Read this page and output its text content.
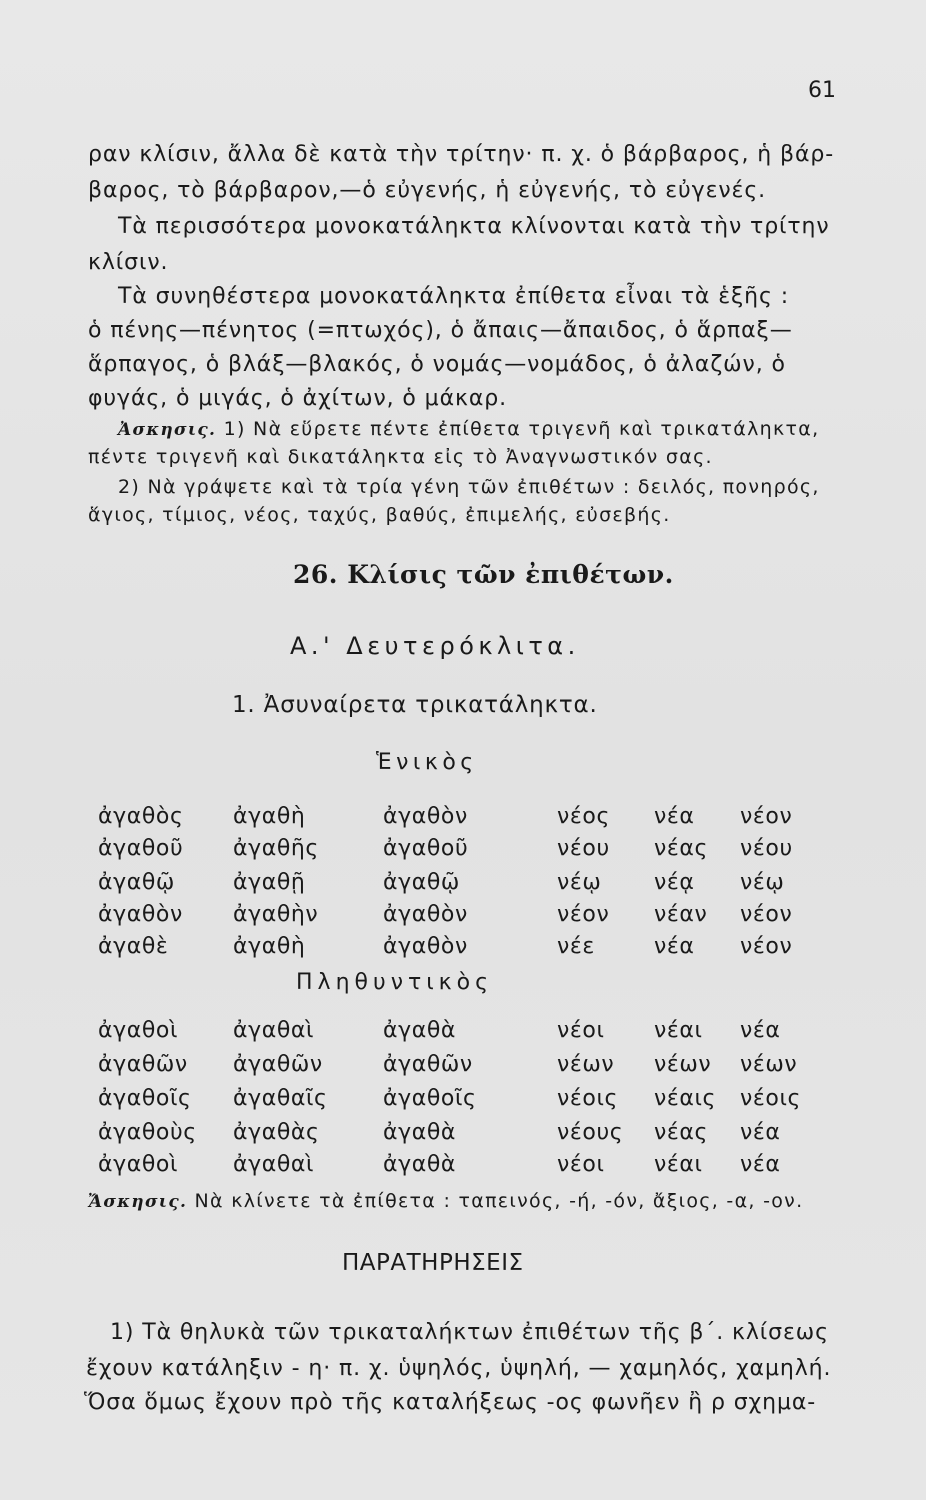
61
ραν κλίσιν, ἄλλα δὲ κατὰ τὴν τρίτην· π. χ. ὁ βάρβαρος, ἡ βάρ-
βαρος, τὸ βάρβαρον,—ὁ εὐγενής, ἡ εὐγενής, τὸ εὐγενές.
Τὰ περισσότερα μονοκατάληκτα κλίνονται κατὰ τὴν τρίτην
κλίσιν.
Τὰ συνηθέστερα μονοκατάληκτα ἐπίθετα εἶναι τὰ ἑξῆς :
ὁ πένης—πένητος (=πτωχός), ὁ ἄπαις—ἄπαιδος, ὁ ἅρπαξ—
ἅρπαγος, ὁ βλάξ—βλακός, ὁ νομάς—νομάδος, ὁ ἀλαζών, ὁ
φυγάς, ὁ μιγάς, ὁ ἀχίτων, ὁ μάκαρ.
Ἀσκησις. 1) Νὰ εὕρετε πέντε ἐπίθετα τριγενῆ καὶ τρικατάληκτα,
πέντε τριγενῆ καὶ δικατάληκτα εἰς τὸ Ἀναγνωστικόν σας.
2) Νὰ γράψετε καὶ τὰ τρία γένη τῶν ἐπιθέτων : δειλός, πονηρός,
ἅγιος, τίμιος, νέος, ταχύς, βαθύς, ἐπιμελής, εὐσεβής.
26. Κλίσις τῶν ἐπιθέτων.
Α.' Δευτερόκλιτα.
1. Ἀσυναίρετα τρικατάληκτα.
Ἑνικὸς
ἀγαθὸς ἀγαθὴ	ἀγαθὸν	νέος νέα νέον
ἀγαθοῦ ἀγαθῆς	ἀγαθοῦ	νέου νέας νέου
ἀγαθῷ	ἀγαθῇ	ἀγαθῷ	νέῳ νέᾳ νέῳ
ἀγαθὸν ἀγαθὴν	ἀγαθὸν	νέον νέαν νέον
ἀγαθὲ	ἀγαθὴ	ἀγαθὸν	νέε	νέα νέον
Πληθυντικὸς
ἀγαθοὶ	ἀγαθαὶ	ἀγαθὰ	νέοι νέαι νέα
ἀγαθῶν ἀγαθῶν	ἀγαθῶν	νέων νέων νέων
ἀγαθοῖς ἀγαθαῖς	ἀγαθοῖς	νέοις νέαις νέοις
ἀγαθοὺς ἀγαθὰς	ἀγαθὰ	νέους νέας νέα
ἀγαθοὶ	ἀγαθαὶ	ἀγαθὰ	νέοι νέαι νέα
Ἄσκησις. Νὰ κλίνετε τὰ ἐπίθετα : ταπεινός, -ή, -όν, ἄξιος, -α, -ον.
ΠΑΡΑΤΗΡΗΣΕΙΣ
1) Τὰ θηλυκὰ τῶν τρικαταλήκτων ἐπιθέτων τῆς β΄. κλίσεως
ἔχουν κατάληξιν - η· π. χ. ὑψηλός, ὑψηλή, — χαμηλός, χαμηλή.
Ὅσα ὅμως ἔχουν πρὸ τῆς καταλήξεως -ος φωνῆεν ἢ ρ σχημα-
